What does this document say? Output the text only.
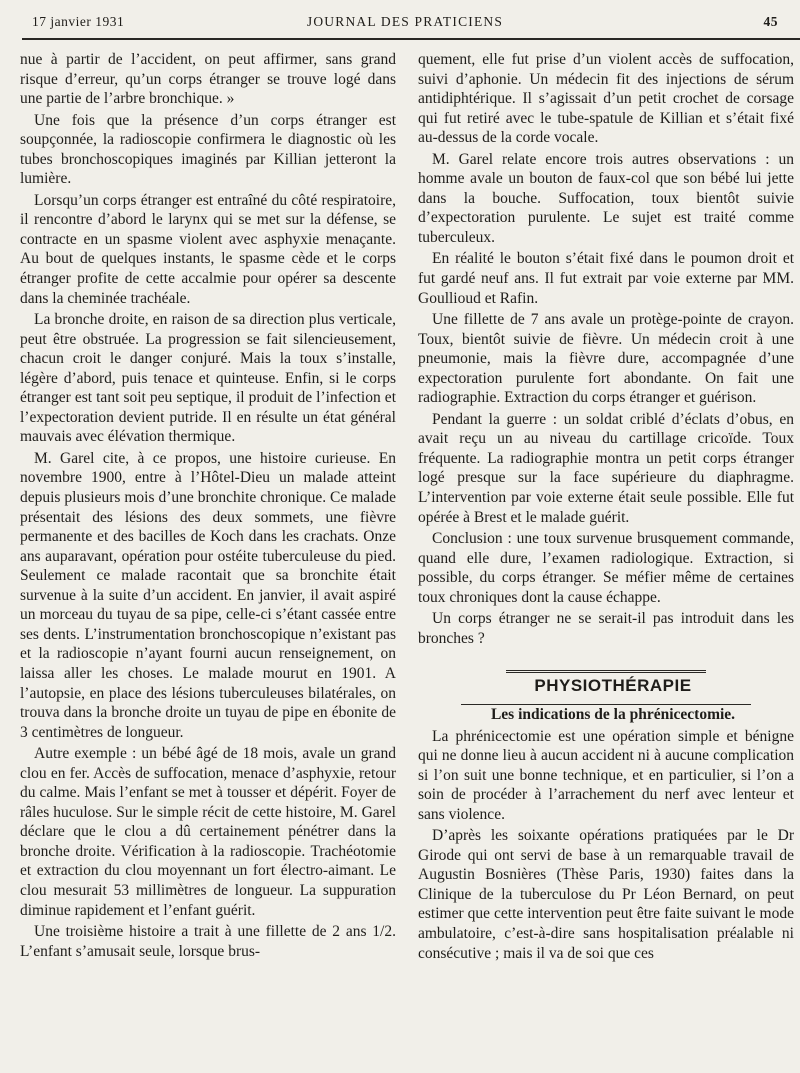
17 janvier 1931	JOURNAL DES PRATICIENS	45

nue à partir de l’accident, on peut affirmer, sans grand risque d’erreur, qu’un corps étranger se trouve logé dans une partie de l’arbre bronchique. »

Une fois que la présence d’un corps étranger est soupçonnée, la radioscopie confirmera le diagnostic où les tubes bronchoscopiques imaginés par Killian jetteront la lumière.

Lorsqu’un corps étranger est entraîné du côté respiratoire, il rencontre d’abord le larynx qui se met sur la défense, se contracte en un spasme violent avec asphyxie menaçante. Au bout de quelques instants, le spasme cède et le corps étranger profite de cette accalmie pour opérer sa descente dans la cheminée trachéale.

La bronche droite, en raison de sa direction plus verticale, peut être obstruée. La progression se fait silencieusement, chacun croit le danger conjuré. Mais la toux s’installe, légère d’abord, puis tenace et quinteuse. Enfin, si le corps étranger est tant soit peu septique, il produit de l’infection et l’expectoration devient putride. Il en résulte un état général mauvais avec élévation thermique.

M. Garel cite, à ce propos, une histoire curieuse. En novembre 1900, entre à l’Hôtel-Dieu un malade atteint depuis plusieurs mois d’une bronchite chronique. Ce malade présentait des lésions des deux sommets, une fièvre permanente et des bacilles de Koch dans les crachats. Onze ans auparavant, opération pour ostéite tuberculeuse du pied. Seulement ce malade racontait que sa bronchite était survenue à la suite d’un accident. En janvier, il avait aspiré un morceau du tuyau de sa pipe, celle-ci s’étant cassée entre ses dents. L’instrumentation bronchoscopique n’existant pas et la radioscopie n’ayant fourni aucun renseignement, on laissa aller les choses. Le malade mourut en 1901. A l’autopsie, en place des lésions tuberculeuses bilatérales, on trouva dans la bronche droite un tuyau de pipe en ébonite de 3 centimètres de longueur.

Autre exemple : un bébé âgé de 18 mois, avale un grand clou en fer. Accès de suffocation, menace d’asphyxie, retour du calme. Mais l’enfant se met à tousser et dépérit. Foyer de râles huculose. Sur le simple récit de cette histoire, M. Garel déclare que le clou a dû certainement pénétrer dans la bronche droite. Vérification à la radioscopie. Trachéotomie et extraction du clou moyennant un fort électro-aimant. Le clou mesurait 53 millimètres de longueur. La suppuration diminue rapidement et l’enfant guérit.

Une troisième histoire a trait à une fillette de 2 ans 1/2. L’enfant s’amusait seule, lorsque brus-

quement, elle fut prise d’un violent accès de suffocation, suivi d’aphonie. Un médecin fit des injections de sérum antidiphtérique. Il s’agissait d’un petit crochet de corsage qui fut retiré avec le tube-spatule de Killian et s’était fixé au-dessus de la corde vocale.

M. Garel relate encore trois autres observations : un homme avale un bouton de faux-col que son bébé lui jette dans la bouche. Suffocation, toux bientôt suivie d’expectoration purulente. Le sujet est traité comme tuberculeux.

En réalité le bouton s’était fixé dans le poumon droit et fut gardé neuf ans. Il fut extrait par voie externe par MM. Goullioud et Rafin.

Une fillette de 7 ans avale un protège-pointe de crayon. Toux, bientôt suivie de fièvre. Un médecin croit à une pneumonie, mais la fièvre dure, accompagnée d’une expectoration purulente fort abondante. On fait une radiographie. Extraction du corps étranger et guérison.

Pendant la guerre : un soldat criblé d’éclats d’obus, en avait reçu un au niveau du cartillage cricoïde. Toux fréquente. La radiographie montra un petit corps étranger logé presque sur la face supérieure du diaphragme. L’intervention par voie externe était seule possible. Elle fut opérée à Brest et le malade guérit.

Conclusion : une toux survenue brusquement commande, quand elle dure, l’examen radiologique. Extraction, si possible, du corps étranger. Se méfier même de certaines toux chroniques dont la cause échappe.

Un corps étranger ne se serait-il pas introduit dans les bronches ?

PHYSIOTHÉRAPIE

Les indications de la phrénicectomie.

La phrénicectomie est une opération simple et bénigne qui ne donne lieu à aucun accident ni à aucune complication si l’on suit une bonne technique, et en particulier, si l’on a soin de procéder à l’arrachement du nerf avec lenteur et sans violence.

D’après les soixante opérations pratiquées par le Dr Girode qui ont servi de base à un remarquable travail de Augustin Bosnières (Thèse Paris, 1930) faites dans la Clinique de la tuberculose du Pr Léon Bernard, on peut estimer que cette intervention peut être faite suivant le mode ambulatoire, c’est-à-dire sans hospitalisation préalable ni consécutive ; mais il va de soi que ces
